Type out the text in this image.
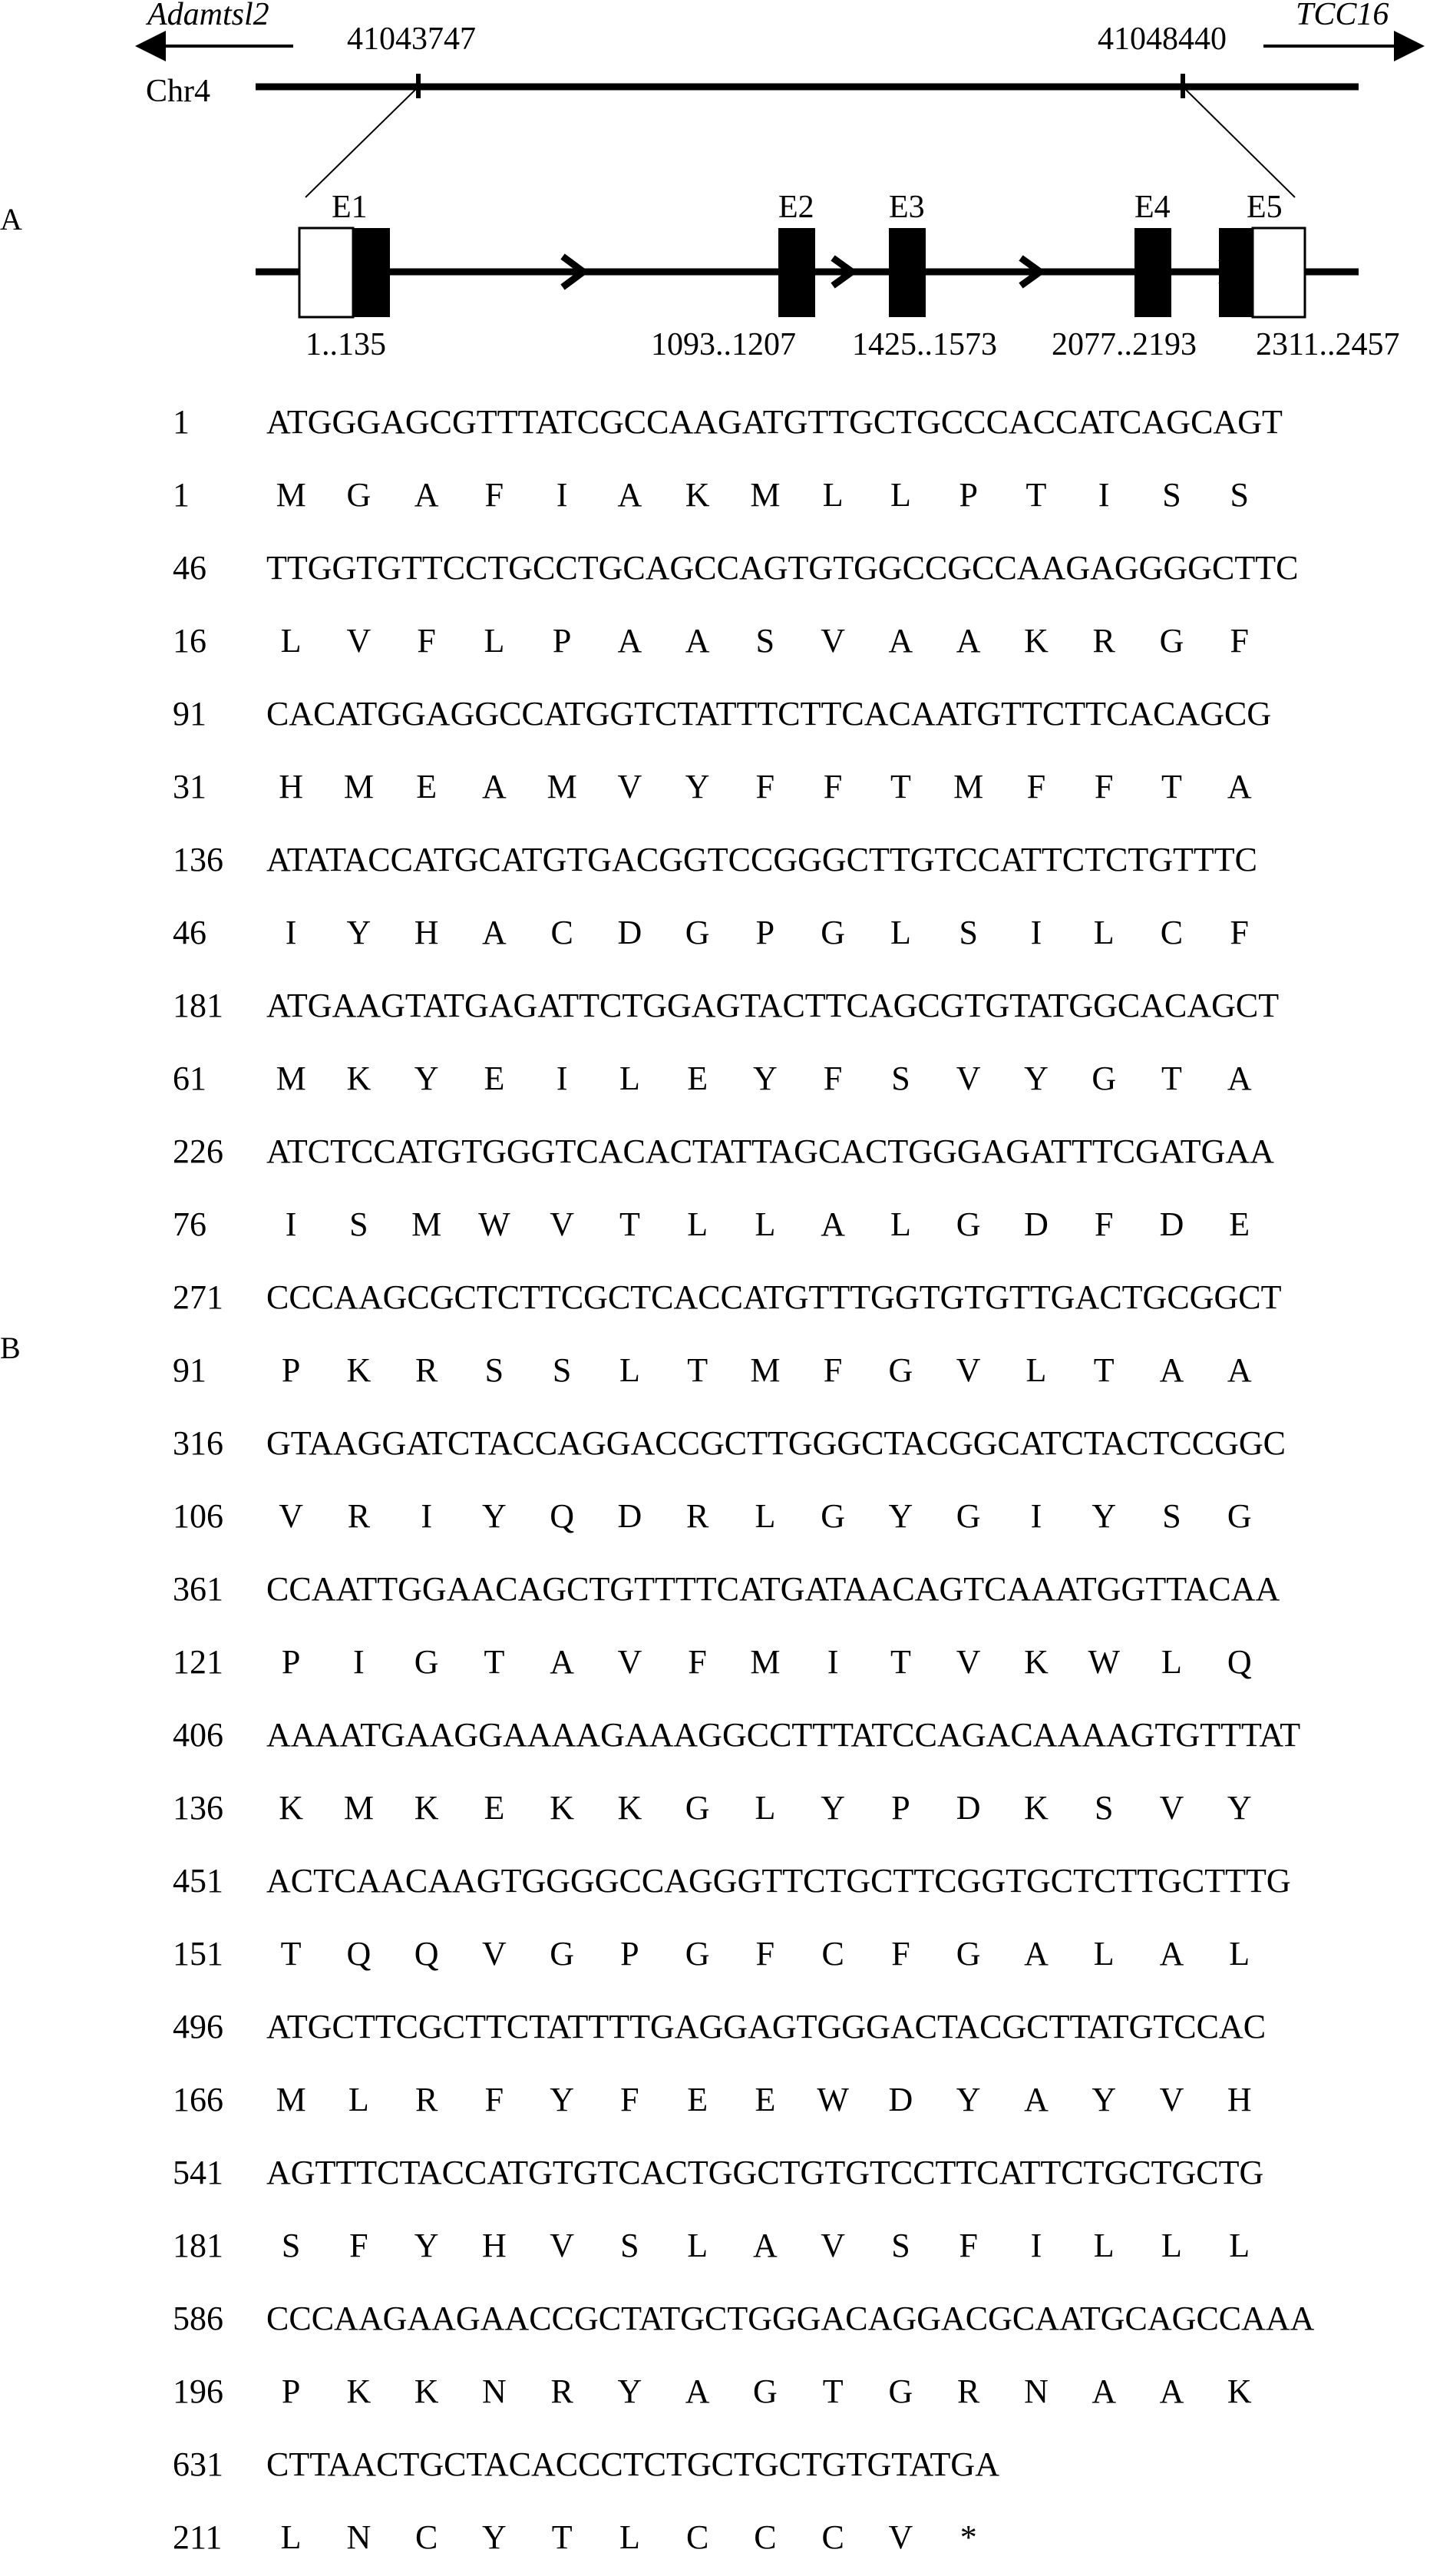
A
B
Adamtsl2	TCC16
Chr4
41043747	41048440
E1
1..135
E2
1093..1207
E3
1425..1573
E4
2077..2193
E5
2311..2457
1 ATGGGAGCGTTTATCGCCAAGATGTTGCTGCCCACCATCAGCAGT
1	M G A F	I	A K M L L P T	I	S S
46 TTGGTGTTCCTGCCTGCAGCCAGTGTGGCCGCCAAGAGGGGCTTC
16 L V F L P A A S V A A K R G F
91 CACATGGAGGCCATGGTCTATTTCTTCACAATGTTCTTCACAGCG
31 H M E A M V Y F F T M F F T A
136 ATATACCATGCATGTGACGGTCCGGGCTTGTCCATTCTCTGTTTC
46	I	Y H A C D G P G L S	I	L C F
181 ATGAAGTATGAGATTCTGGAGTACTTCAGCGTGTATGGCACAGCT
61 M K Y E	I	L E Y F S V Y G T A
226 ATCTCCATGTGGGTCACACTATTAGCACTGGGAGATTTCGATGAA
76	I	S M W V T L L A L G D F D E
271 CCCAAGCGCTCTTCGCTCACCATGTTTGGTGTGTTGACTGCGGCT
91 P K R S S L T M F G V L T A A
316 GTAAGGATCTACCAGGACCGCTTGGGCTACGGCATCTACTCCGGC
106 V R	I	Y Q D R L G Y G	I	Y S G
361 CCAATTGGAACAGCTGTTTTCATGATAACAGTCAAATGGTTACAA
121 P	I	G T A V F M	I	T V K W L Q
406 AAAATGAAGGAAAAGAAAGGCCTTTATCCAGACAAAAGTGTTTAT
136 K M K E K K G L Y P D K S V Y
451 ACTCAACAAGTGGGGCCAGGGTTCTGCTTCGGTGCTCTTGCTTTG
151 T Q Q V G P G F C F G A L A L
496 ATGCTTCGCTTCTATTTTGAGGAGTGGGACTACGCTTATGTCCAC
166 M L R F Y F E E W D Y A Y V H
541 AGTTTCTACCATGTGTCACTGGCTGTGTCCTTCATTCTGCTGCTG
181 S F Y H V S L A V S F	I	L L L
586 CCCAAGAAGAACCGCTATGCTGGGACAGGACGCAATGCAGCCAAA
196 P K K N R Y A G T G R N A A K
631 CTTAACTGCTACACCCTCTGCTGCTGTGTATGA
211 L N C Y T L C C C V	*
